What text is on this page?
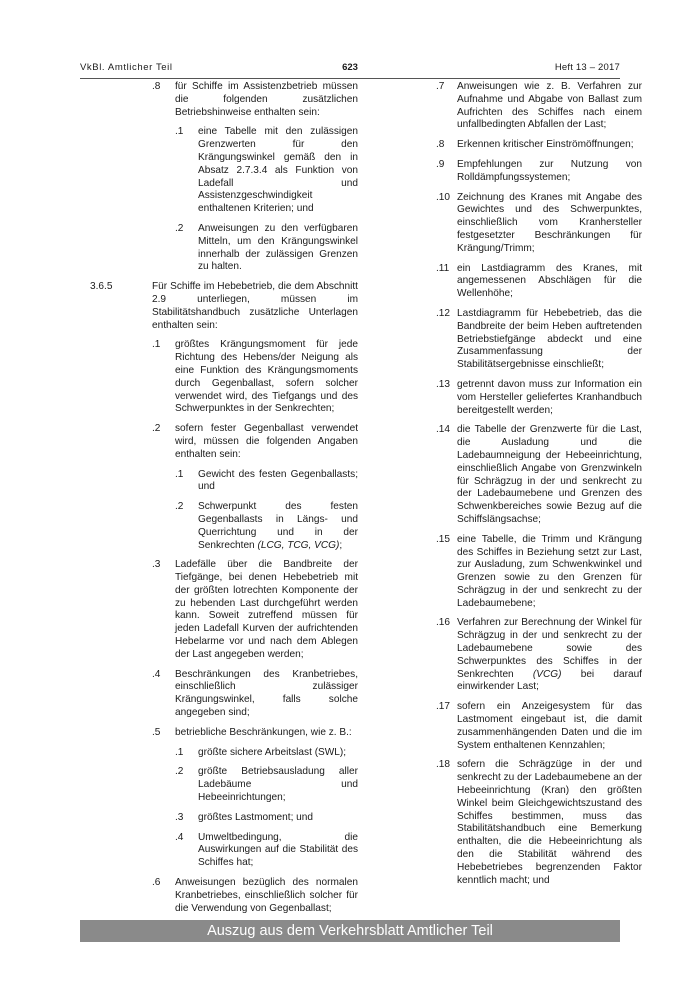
VkBl. Amtlicher Teil	623	Heft 13 – 2017
.8 für Schiffe im Assistenzbetrieb müssen die folgenden zusätzlichen Betriebshinweise enthalten sein:
.1 eine Tabelle mit den zulässigen Grenzwerten für den Krängungswinkel gemäß den in Absatz 2.7.3.4 als Funktion von Ladefall und Assistenzgeschwindigkeit enthaltenen Kriterien; und
.2 Anweisungen zu den verfügbaren Mitteln, um den Krängungswinkel innerhalb der zulässigen Grenzen zu halten.
3.6.5	Für Schiffe im Hebebetrieb, die dem Abschnitt 2.9 unterliegen, müssen im Stabilitätshandbuch zusätzliche Unterlagen enthalten sein:
.1 größtes Krängungsmoment für jede Richtung des Hebens/der Neigung als eine Funktion des Krängungsmoments durch Gegenballast, sofern solcher verwendet wird, des Tiefgangs und des Schwerpunktes in der Senkrechten;
.2 sofern fester Gegenballast verwendet wird, müssen die folgenden Angaben enthalten sein:
.1 Gewicht des festen Gegenballasts; und
.2 Schwerpunkt des festen Gegenballasts in Längs- und Querrichtung und in der Senkrechten (LCG, TCG, VCG);
.3 Ladefälle über die Bandbreite der Tiefgänge, bei denen Hebebetrieb mit der größten lotrechten Komponente der zu hebenden Last durchgeführt werden kann. Soweit zutreffend müssen für jeden Ladefall Kurven der aufrichtenden Hebelarme vor und nach dem Ablegen der Last angegeben werden;
.4 Beschränkungen des Kranbetriebes, einschließlich zulässiger Krängungswinkel, falls solche angegeben sind;
.5 betriebliche Beschränkungen, wie z. B.:
.1 größte sichere Arbeitslast (SWL);
.2 größte Betriebsausladung aller Ladebäume und Hebeeinrichtungen;
.3 größtes Lastmoment; und
.4 Umweltbedingung, die Auswirkungen auf die Stabilität des Schiffes hat;
.6 Anweisungen bezüglich des normalen Kranbetriebes, einschließlich solcher für die Verwendung von Gegenballast;
.7 Anweisungen wie z. B. Verfahren zur Aufnahme und Abgabe von Ballast zum Aufrichten des Schiffes nach einem unfallbedingten Abfallen der Last;
.8 Erkennen kritischer Einströmöffnungen;
.9 Empfehlungen zur Nutzung von Rolldämpfungssystemen;
.10 Zeichnung des Kranes mit Angabe des Gewichtes und des Schwerpunktes, einschließlich vom Kranhersteller festgesetzter Beschränkungen für Krängung/Trimm;
.11 ein Lastdiagramm des Kranes, mit angemessenen Abschlägen für die Wellenhöhe;
.12 Lastdiagramm für Hebebetrieb, das die Bandbreite der beim Heben auftretenden Betriebstiefgänge abdeckt und eine Zusammenfassung der Stabilitätsergebnisse einschließt;
.13 getrennt davon muss zur Information ein vom Hersteller geliefertes Kranhandbuch bereitgestellt werden;
.14 die Tabelle der Grenzwerte für die Last, die Ausladung und die Ladebaumneigung der Hebeeinrichtung, einschließlich Angabe von Grenzwinkeln für Schrägzug in der und senkrecht zu der Ladebaumebene und Grenzen des Schwenkbereiches sowie Bezug auf die Schiffslängsachse;
.15 eine Tabelle, die Trimm und Krängung des Schiffes in Beziehung setzt zur Last, zur Ausladung, zum Schwenkwinkel und Grenzen sowie zu den Grenzen für Schrägzug in der und senkrecht zu der Ladebaumebene;
.16 Verfahren zur Berechnung der Winkel für Schrägzug in der und senkrecht zu der Ladebaumebene sowie des Schwerpunktes des Schiffes in der Senkrechten (VCG) bei darauf einwirkender Last;
.17 sofern ein Anzeigesystem für das Lastmoment eingebaut ist, die damit zusammenhängenden Daten und die im System enthaltenen Kennzahlen;
.18 sofern die Schrägzüge in der und senkrecht zu der Ladebaumebene an der Hebeeinrichtung (Kran) den größten Winkel beim Gleichgewichtszustand des Schiffes bestimmen, muss das Stabilitätshandbuch eine Bemerkung enthalten, die die Hebeeinrichtung als den die Stabilität während des Hebebetriebes begrenzenden Faktor kenntlich macht; und
Auszug aus dem Verkehrsblatt Amtlicher Teil
